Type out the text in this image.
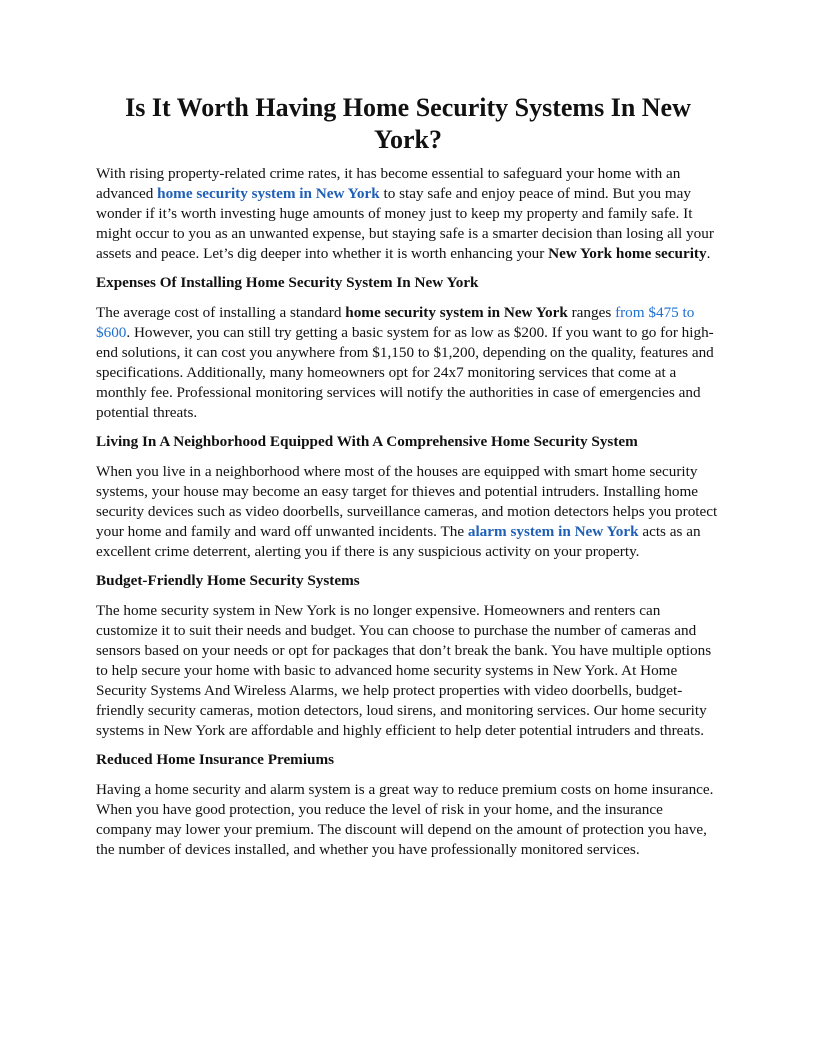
Is It Worth Having Home Security Systems In New York?

With rising property-related crime rates, it has become essential to safeguard your home with an advanced home security system in New York to stay safe and enjoy peace of mind. But you may wonder if it’s worth investing huge amounts of money just to keep my property and family safe. It might occur to you as an unwanted expense, but staying safe is a smarter decision than losing all your assets and peace. Let’s dig deeper into whether it is worth enhancing your New York home security.

Expenses Of Installing Home Security System In New York

The average cost of installing a standard home security system in New York ranges from $475 to $600. However, you can still try getting a basic system for as low as $200. If you want to go for high-end solutions, it can cost you anywhere from $1,150 to $1,200, depending on the quality, features and specifications. Additionally, many homeowners opt for 24x7 monitoring services that come at a monthly fee. Professional monitoring services will notify the authorities in case of emergencies and potential threats.

Living In A Neighborhood Equipped With A Comprehensive Home Security System

When you live in a neighborhood where most of the houses are equipped with smart home security systems, your house may become an easy target for thieves and potential intruders. Installing home security devices such as video doorbells, surveillance cameras, and motion detectors helps you protect your home and family and ward off unwanted incidents. The alarm system in New York acts as an excellent crime deterrent, alerting you if there is any suspicious activity on your property.

Budget-Friendly Home Security Systems

The home security system in New York is no longer expensive. Homeowners and renters can customize it to suit their needs and budget. You can choose to purchase the number of cameras and sensors based on your needs or opt for packages that don’t break the bank. You have multiple options to help secure your home with basic to advanced home security systems in New York. At Home Security Systems And Wireless Alarms, we help protect properties with video doorbells, budget-friendly security cameras, motion detectors, loud sirens, and monitoring services. Our home security systems in New York are affordable and highly efficient to help deter potential intruders and threats.

Reduced Home Insurance Premiums

Having a home security and alarm system is a great way to reduce premium costs on home insurance. When you have good protection, you reduce the level of risk in your home, and the insurance company may lower your premium. The discount will depend on the amount of protection you have, the number of devices installed, and whether you have professionally monitored services.
